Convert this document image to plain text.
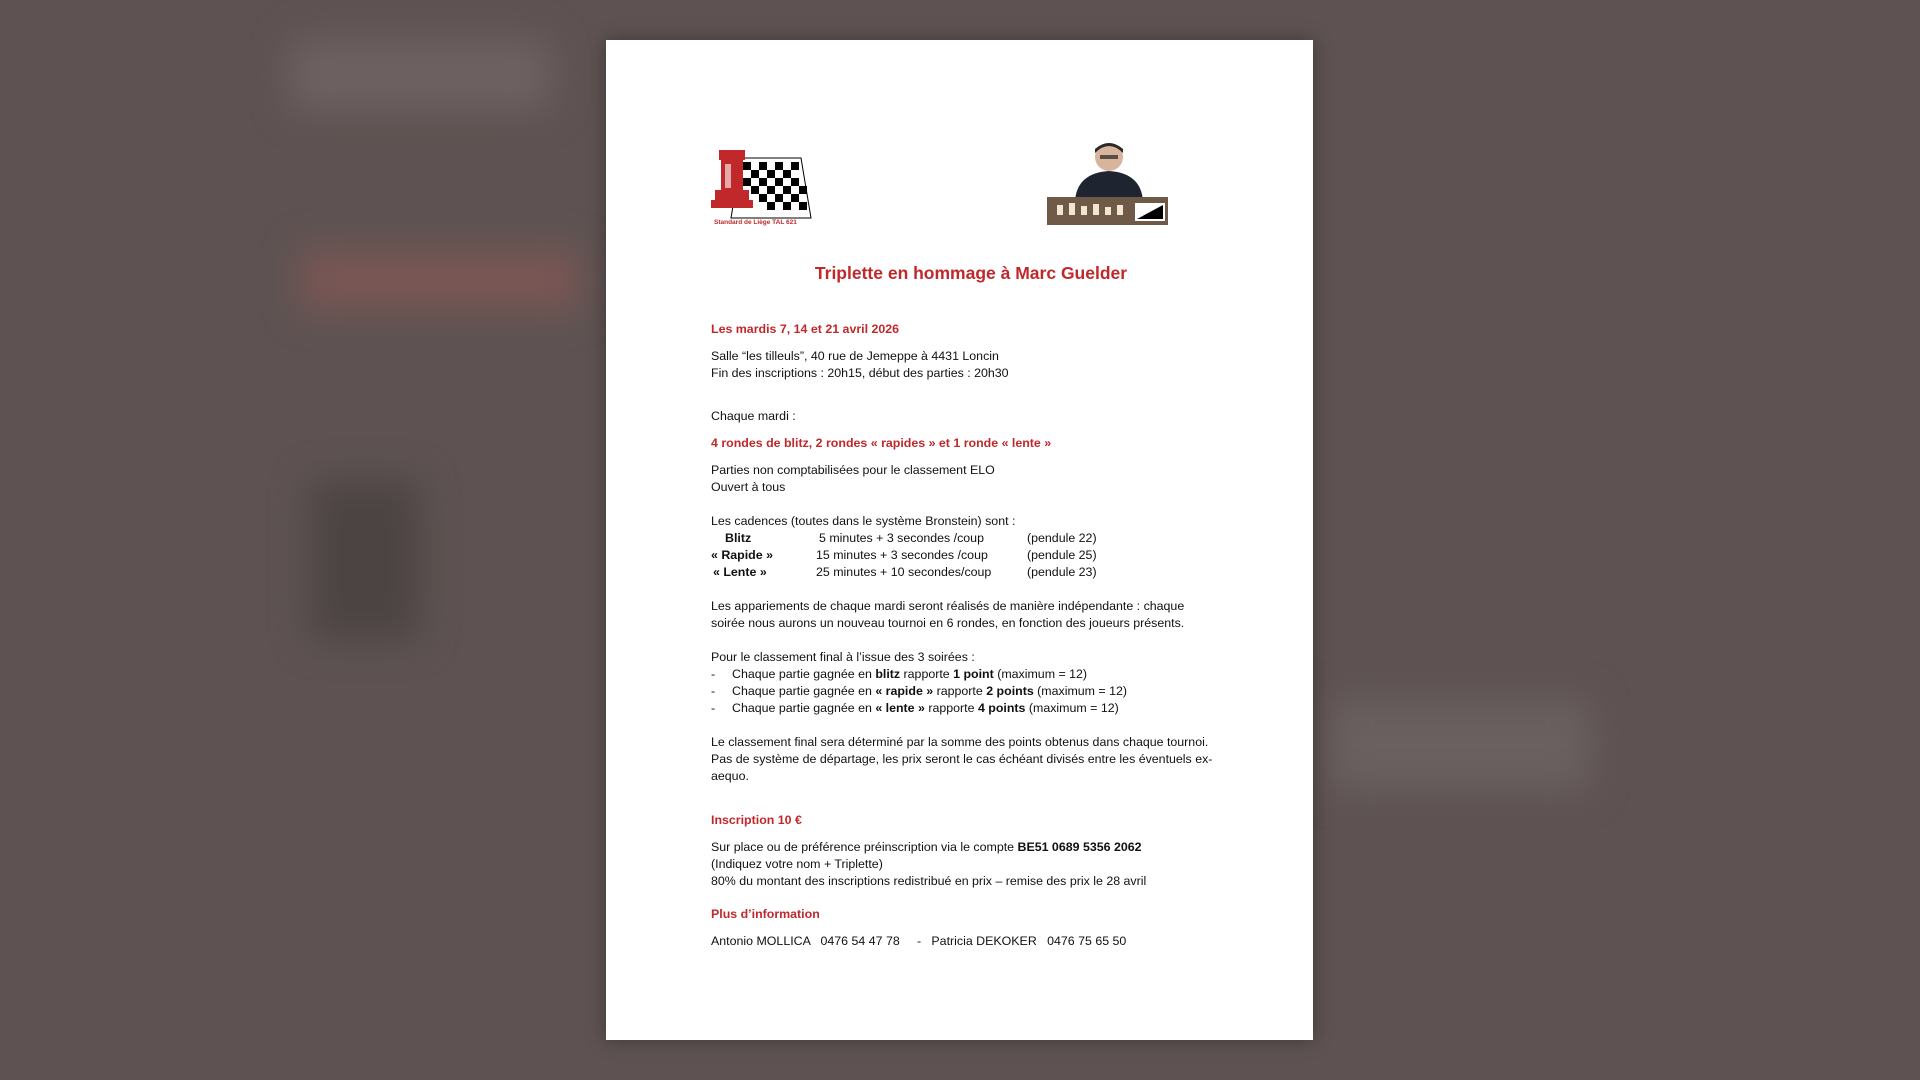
Standard de Liège TAL 621
Triplette en hommage à Marc Guelder
Les mardis 7, 14 et 21 avril 2026
Salle “les tilleuls”, 40 rue de Jemeppe à 4431 Loncin
Fin des inscriptions : 20h15, début des parties : 20h30
Chaque mardi :
4 rondes de blitz, 2 rondes « rapides » et 1 ronde « lente »
Parties non comptabilisées pour le classement ELO
Ouvert à tous
Les cadences (toutes dans le système Bronstein) sont :
Blitz	5 minutes + 3 secondes /coup	(pendule 22)
« Rapide »	15 minutes + 3 secondes /coup	(pendule 25)
« Lente »	25 minutes + 10 secondes/coup	(pendule 23)
Les appariements de chaque mardi seront réalisés de manière indépendante : chaque
soirée nous aurons un nouveau tournoi en 6 rondes, en fonction des joueurs présents.
Pour le classement final à l’issue des 3 soirées :
- Chaque partie gagnée en blitz rapporte 1 point (maximum = 12)
- Chaque partie gagnée en « rapide » rapporte 2 points (maximum = 12)
- Chaque partie gagnée en « lente » rapporte 4 points (maximum = 12)
Le classement final sera déterminé par la somme des points obtenus dans chaque tournoi.
Pas de système de départage, les prix seront le cas échéant divisés entre les éventuels ex-
aequo.
Inscription 10 €
Sur place ou de préférence préinscription via le compte BE51 0689 5356 2062
(Indiquez votre nom + Triplette)
80% du montant des inscriptions redistribué en prix – remise des prix le 28 avril
Plus d’information
Antonio MOLLICA   0476 54 47 78     -   Patricia DEKOKER   0476 75 65 50
